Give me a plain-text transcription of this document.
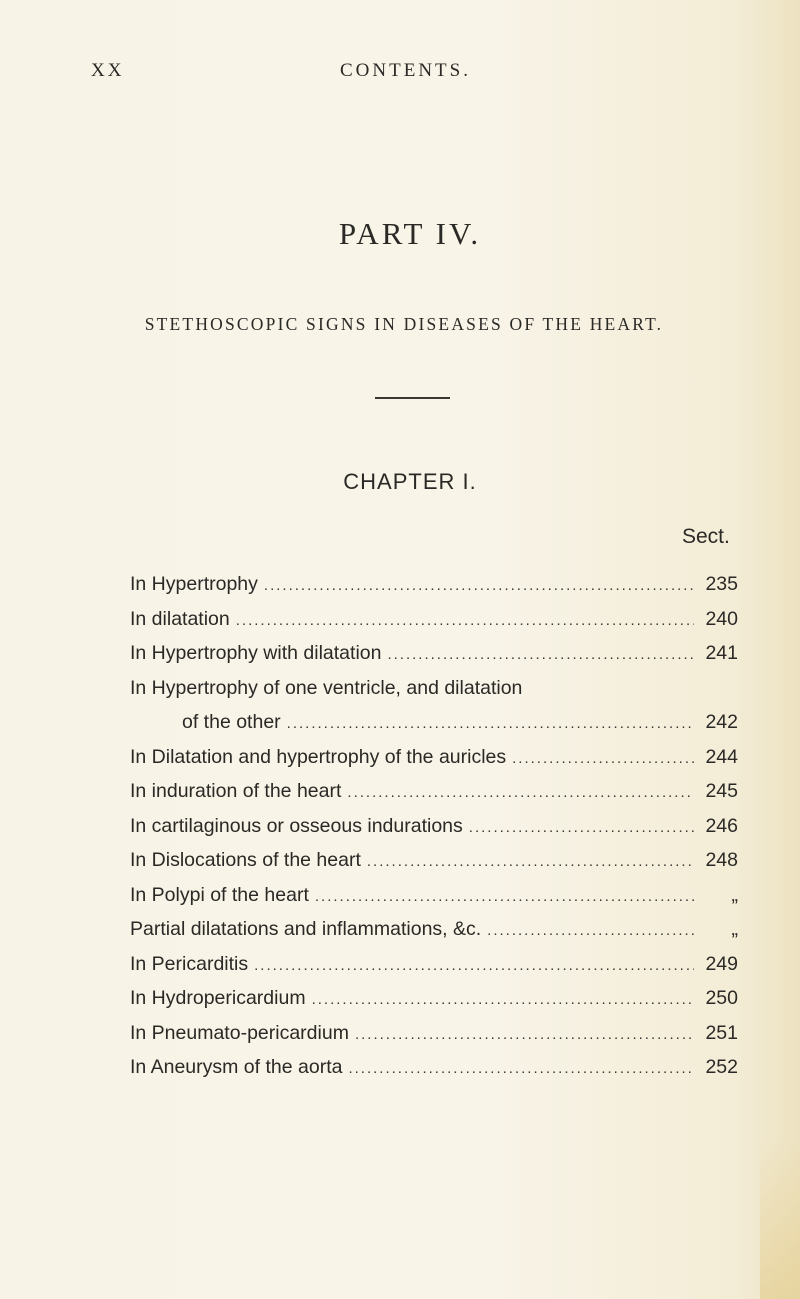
XX	CONTENTS.
PART IV.
STETHOSCOPIC SIGNS IN DISEASES OF THE HEART.
CHAPTER I.
Sect.
In Hypertrophy .....	235
In dilatation .....	240
In Hypertrophy with dilatation .....	241
In Hypertrophy of one ventricle, and dilatation
of the other .....	242
In Dilatation and hypertrophy of the auricles .....	244
In induration of the heart .....	245
In cartilaginous or osseous indurations .....	246
In Dislocations of the heart .....	248
In Polypi of the heart .....	„
Partial dilatations and inflammations, &c. .....	„
In Pericarditis .....	249
In Hydropericardium .....	250
In Pneumato-pericardium .....	251
In Aneurysm of the aorta .....	252
